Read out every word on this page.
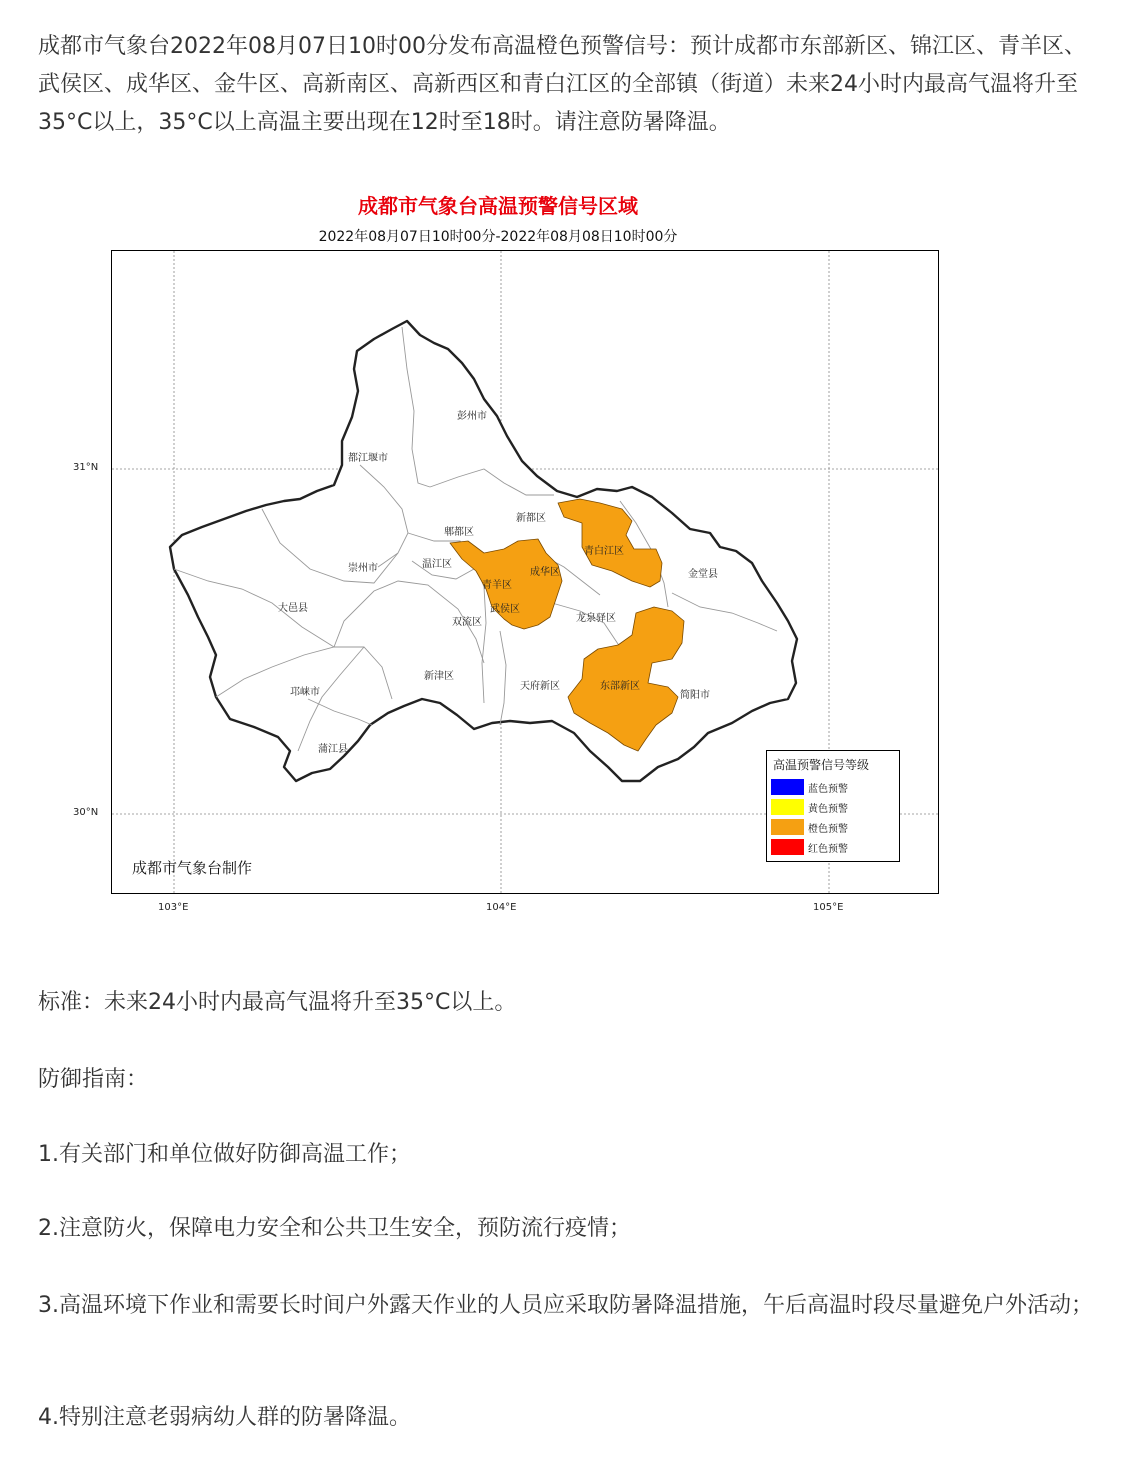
成都市气象台2022年08月07日10时00分发布高温橙色预警信号：预计成都市东部新区、锦江区、青羊区、武侯区、成华区、金牛区、高新南区、高新西区和青白江区的全部镇（街道）未来24小时内最高气温将升至35°C以上，35°C以上高温主要出现在12时至18时。请注意防暑降温。

成都市气象台高温预警信号区域
2022年08月07日10时00分-2022年08月08日10时00分
彭州市
都江堰市
新都区
郫都区
青白江区
金堂县
温江区
崇州市	成华区
青羊区
武侯区
大邑县
双流区	龙泉驿区
新津区
天府新区	东部新区
简阳市
邛崃市
蒲江县
31°N
30°N
103°E	104°E	105°E
成都市气象台制作
高温预警信号等级
蓝色预警
黄色预警
橙色预警
红色预警

标准：未来24小时内最高气温将升至35°C以上。

防御指南：

1.有关部门和单位做好防御高温工作；

2.注意防火，保障电力安全和公共卫生安全，预防流行疫情；

3.高温环境下作业和需要长时间户外露天作业的人员应采取防暑降温措施，午后高温时段尽量避免户外活动；

4.特别注意老弱病幼人群的防暑降温。
